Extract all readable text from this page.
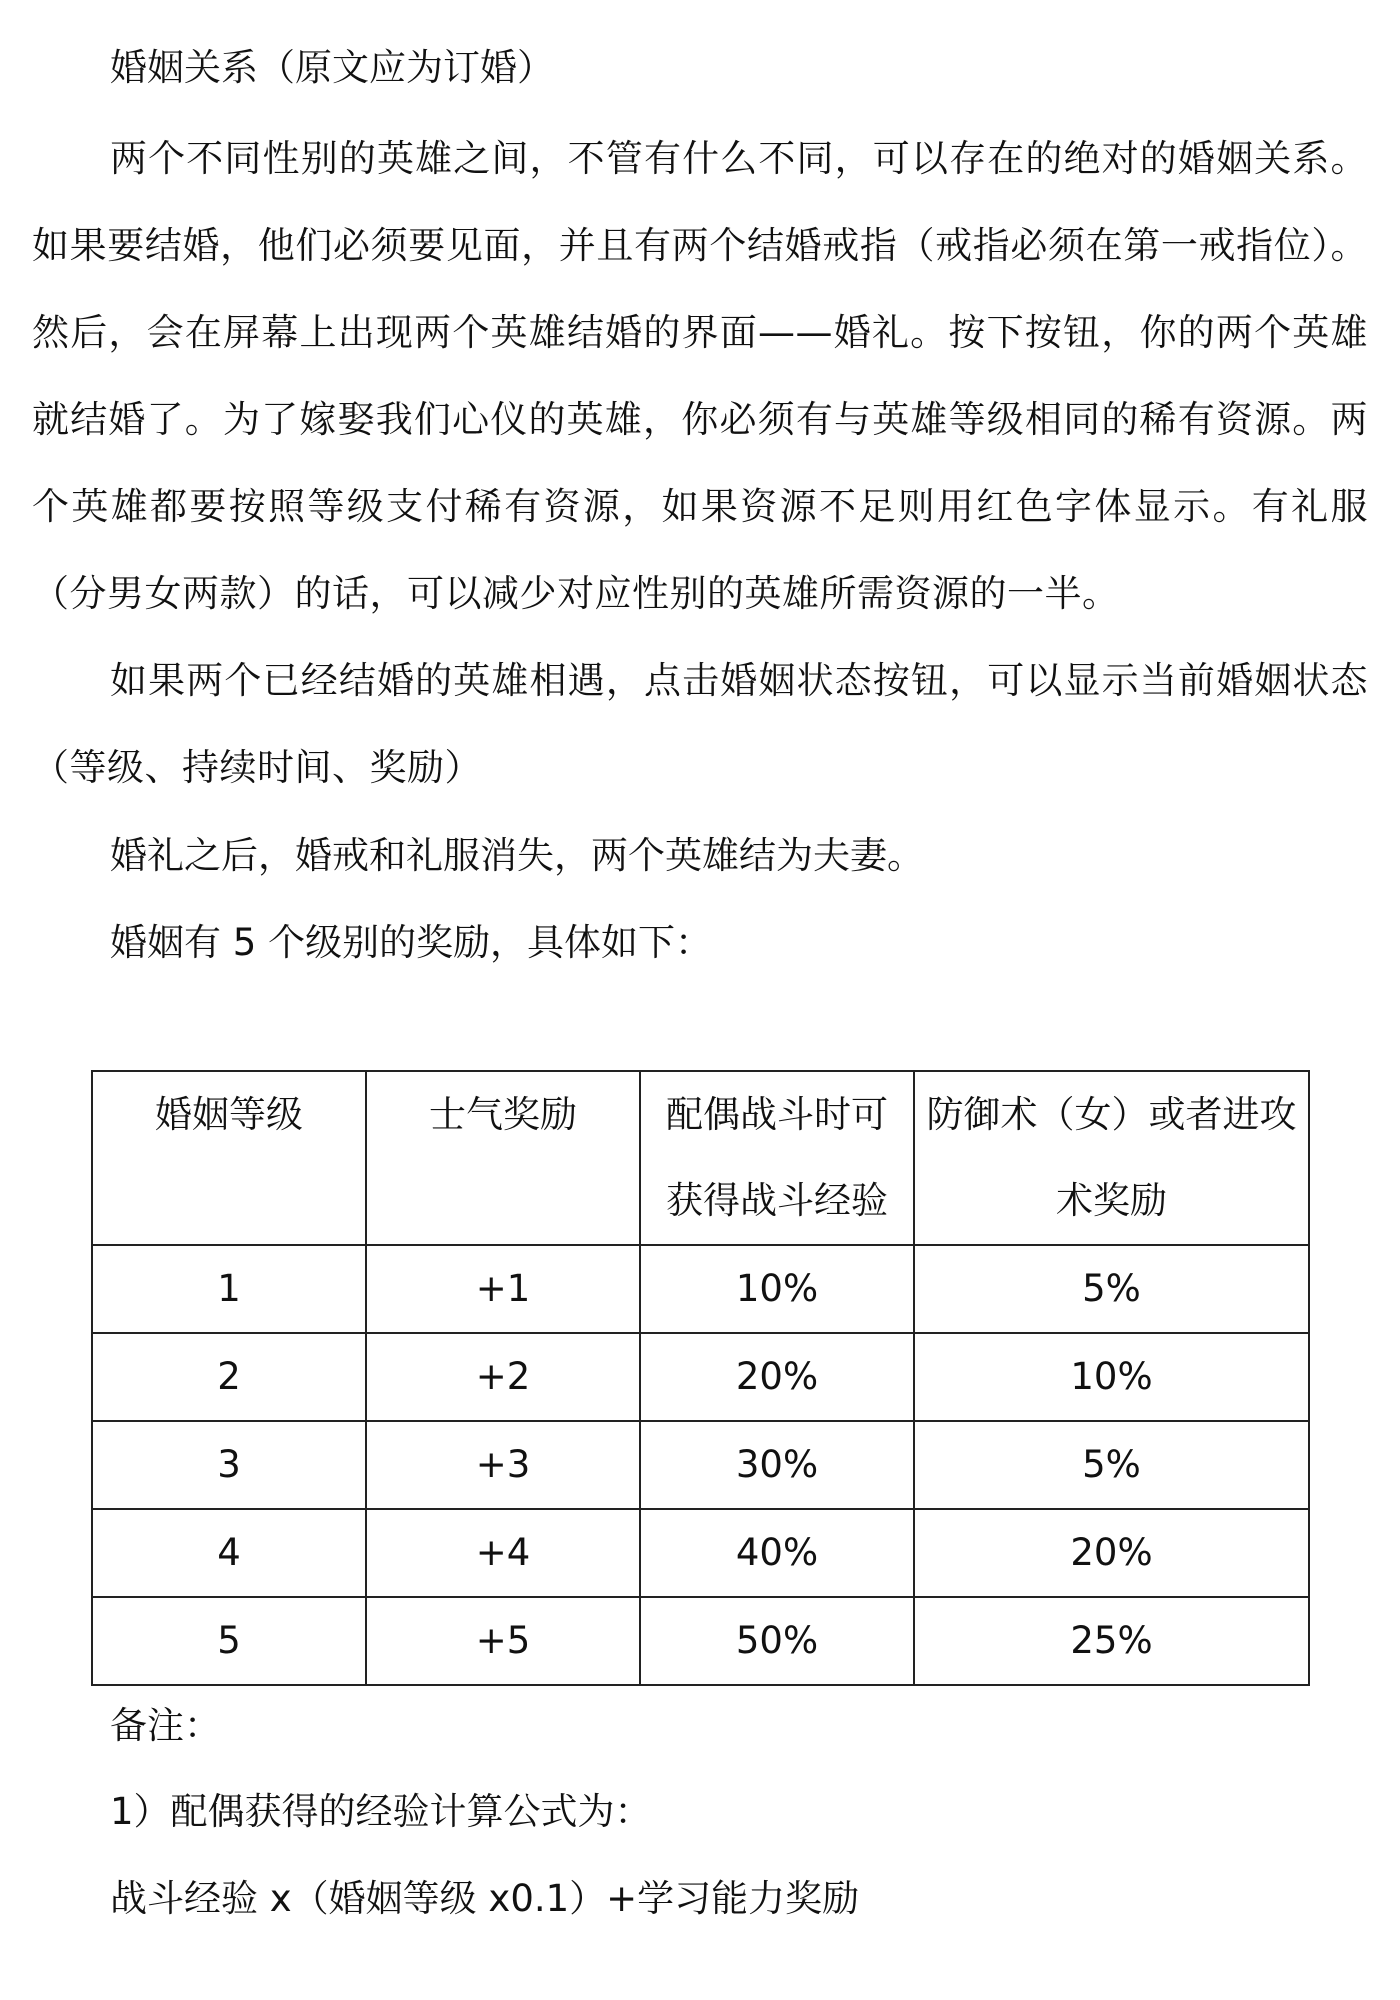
婚姻关系（原文应为订婚）

两个不同性别的英雄之间，不管有什么不同，可以存在的绝对的婚姻关系。如果要结婚，他们必须要见面，并且有两个结婚戒指（戒指必须在第一戒指位）。然后，会在屏幕上出现两个英雄结婚的界面——婚礼。按下按钮，你的两个英雄就结婚了。为了嫁娶我们心仪的英雄，你必须有与英雄等级相同的稀有资源。两个英雄都要按照等级支付稀有资源，如果资源不足则用红色字体显示。有礼服（分男女两款）的话，可以减少对应性别的英雄所需资源的一半。

如果两个已经结婚的英雄相遇，点击婚姻状态按钮，可以显示当前婚姻状态（等级、持续时间、奖励）

婚礼之后，婚戒和礼服消失，两个英雄结为夫妻。

婚姻有 5 个级别的奖励，具体如下：

婚姻等级	士气奖励	配偶战斗时可获得战斗经验	防御术（女）或者进攻术奖励
1	+1	10%	5%
2	+2	20%	10%
3	+3	30%	5%
4	+4	40%	20%
5	+5	50%	25%

备注：

1）配偶获得的经验计算公式为：

战斗经验 x（婚姻等级 x0.1）+学习能力奖励
